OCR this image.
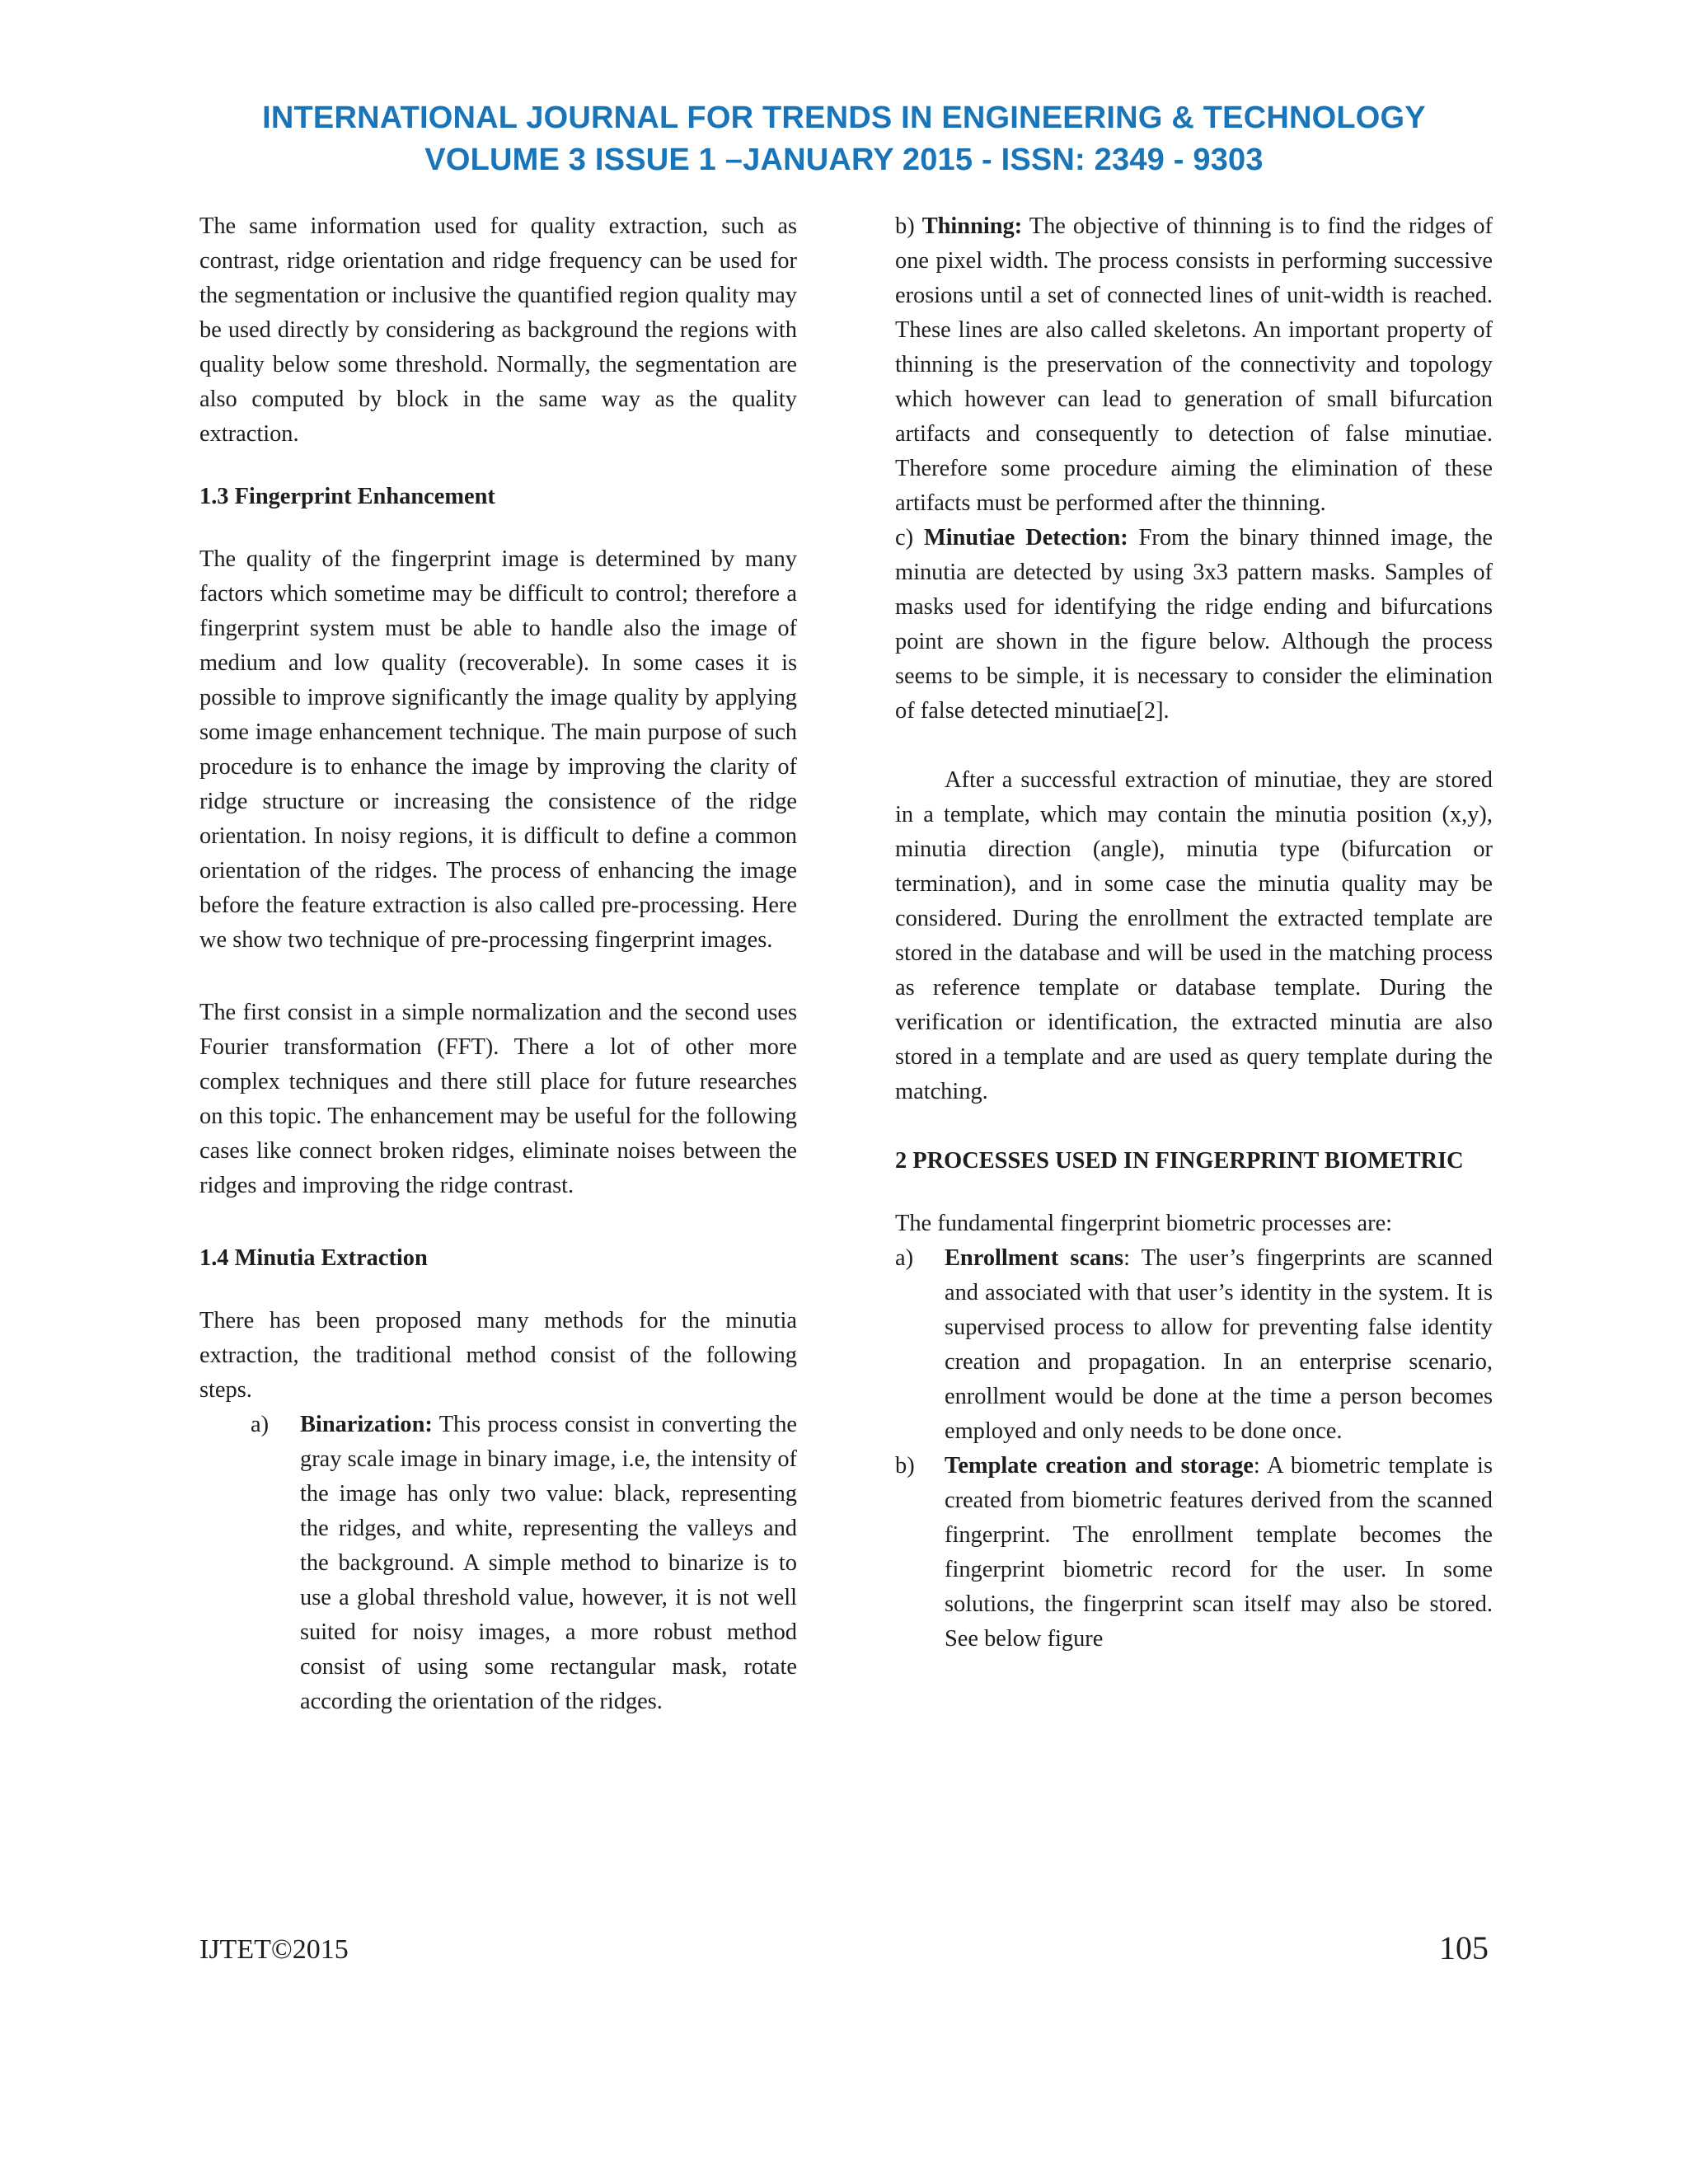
INTERNATIONAL JOURNAL FOR TRENDS IN ENGINEERING & TECHNOLOGY
VOLUME 3 ISSUE 1 –JANUARY 2015 - ISSN: 2349 - 9303

The same information used for quality extraction, such as contrast, ridge orientation and ridge frequency can be used for the segmentation or inclusive the quantified region quality may be used directly by considering as background the regions with quality below some threshold. Normally, the segmentation are also computed by block in the same way as the quality extraction.

1.3 Fingerprint Enhancement

The quality of the fingerprint image is determined by many factors which sometime may be difficult to control; therefore a fingerprint system must be able to handle also the image of medium and low quality (recoverable). In some cases it is possible to improve significantly the image quality by applying some image enhancement technique. The main purpose of such procedure is to enhance the image by improving the clarity of ridge structure or increasing the consistence of the ridge orientation. In noisy regions, it is difficult to define a common orientation of the ridges. The process of enhancing the image before the feature extraction is also called pre-processing. Here we show two technique of pre-processing fingerprint images.

The first consist in a simple normalization and the second uses Fourier transformation (FFT). There a lot of other more complex techniques and there still place for future researches on this topic. The enhancement may be useful for the following cases like connect broken ridges, eliminate noises between the ridges and improving the ridge contrast.

1.4 Minutia Extraction

There has been proposed many methods for the minutia extraction, the traditional method consist of the following steps.

a)	Binarization: This process consist in converting the gray scale image in binary image, i.e, the intensity of the image has only two value: black, representing the ridges, and white, representing the valleys and the background. A simple method to binarize is to use a global threshold value, however, it is not well suited for noisy images, a more robust method consist of using some rectangular mask, rotate according the orientation of the ridges.

b) Thinning: The objective of thinning is to find the ridges of one pixel width. The process consists in performing successive erosions until a set of connected lines of unit-width is reached. These lines are also called skeletons. An important property of thinning is the preservation of the connectivity and topology which however can lead to generation of small bifurcation artifacts and consequently to detection of false minutiae. Therefore some procedure aiming the elimination of these artifacts must be performed after the thinning.

c) Minutiae Detection: From the binary thinned image, the minutia are detected by using 3x3 pattern masks. Samples of masks used for identifying the ridge ending and bifurcations point are shown in the figure below. Although the process seems to be simple, it is necessary to consider the elimination of false detected minutiae[2].

After a successful extraction of minutiae, they are stored in a template, which may contain the minutia position (x,y), minutia direction (angle), minutia type (bifurcation or termination), and in some case the minutia quality may be considered. During the enrollment the extracted template are stored in the database and will be used in the matching process as reference template or database template. During the verification or identification, the extracted minutia are also stored in a template and are used as query template during the matching.

2 PROCESSES USED IN FINGERPRINT BIOMETRIC

The fundamental fingerprint biometric processes are:

a)	Enrollment scans: The user’s fingerprints are scanned and associated with that user’s identity in the system. It is supervised process to allow for preventing false identity creation and propagation. In an enterprise scenario, enrollment would be done at the time a person becomes employed and only needs to be done once.
b)	Template creation and storage: A biometric template is created from biometric features derived from the scanned fingerprint. The enrollment template becomes the fingerprint biometric record for the user. In some solutions, the fingerprint scan itself may also be stored. See below figure
IJTET©2015	105
